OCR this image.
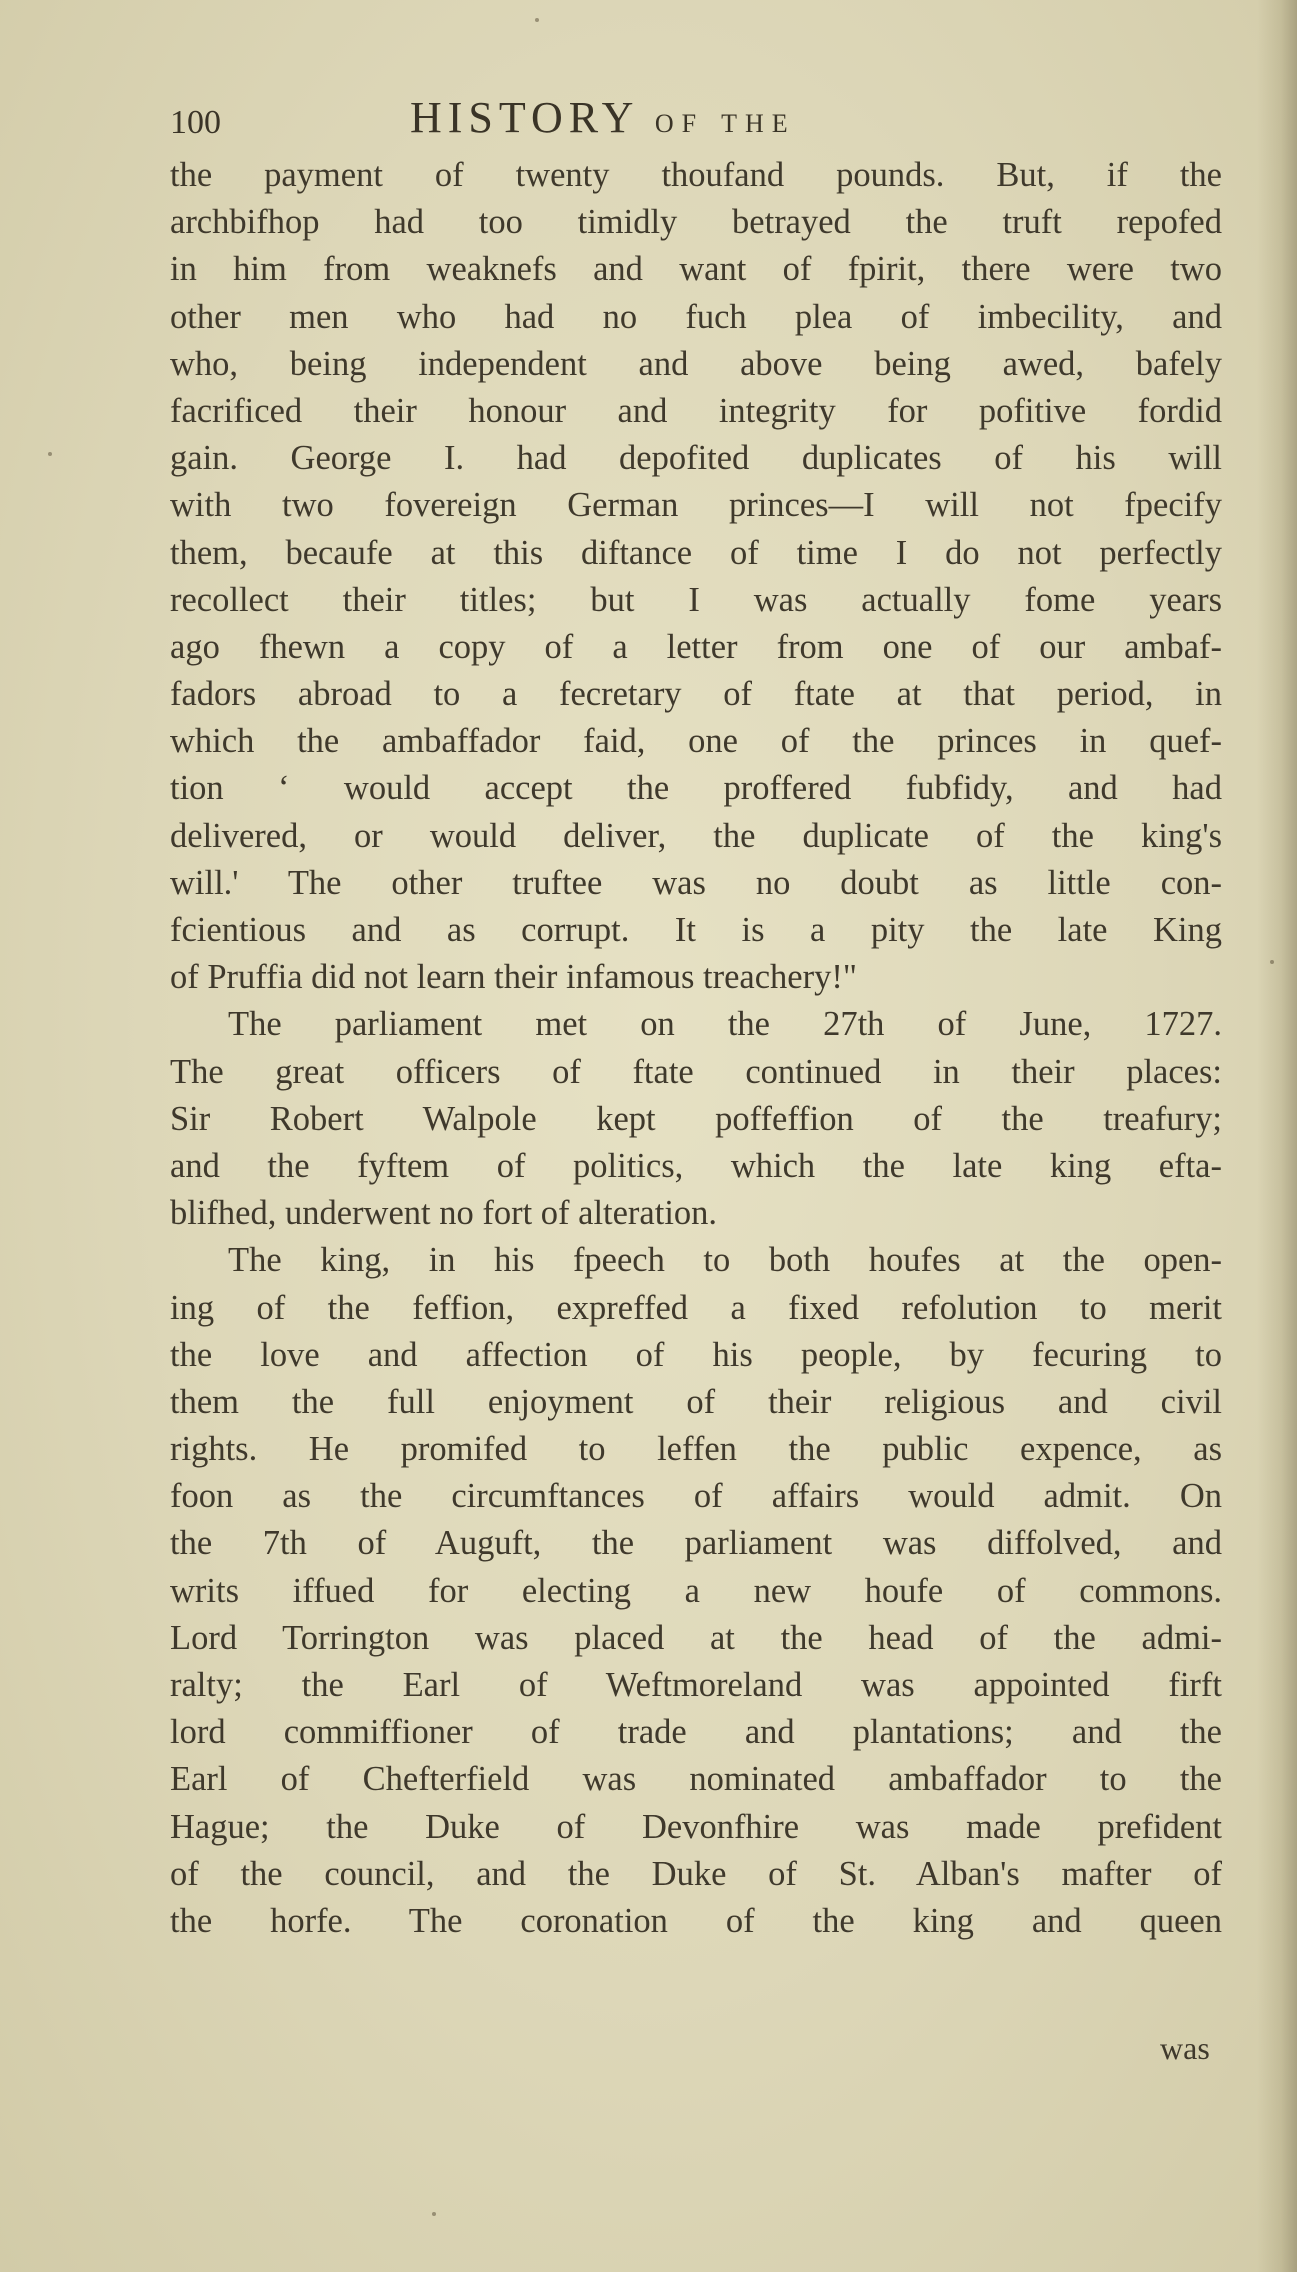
100	HISTORY OF THE
the payment of twenty thoufand pounds. But, if the
archbifhop had too timidly betrayed the truft repofed
in him from weaknefs and want of fpirit, there were two
other men who had no fuch plea of imbecility, and
who, being independent and above being awed, bafely
facrificed their honour and integrity for pofitive fordid
gain. George I. had depofited duplicates of his will
with two fovereign German princes—I will not fpecify
them, becaufe at this diftance of time I do not perfectly
recollect their titles; but I was actually fome years
ago fhewn a copy of a letter from one of our ambaf-
fadors abroad to a fecretary of ftate at that period, in
which the ambaffador faid, one of the princes in quef-
tion ‘ would accept the proffered fubfidy, and had
delivered, or would deliver, the duplicate of the king's
will.' The other truftee was no doubt as little con-
fcientious and as corrupt. It is a pity the late King
of Pruffia did not learn their infamous treachery!"
The parliament met on the 27th of June, 1727.
The great officers of ftate continued in their places:
Sir Robert Walpole kept poffeffion of the treafury;
and the fyftem of politics, which the late king efta-
blifhed, underwent no fort of alteration.
The king, in his fpeech to both houfes at the open-
ing of the feffion, expreffed a fixed refolution to merit
the love and affection of his people, by fecuring to
them the full enjoyment of their religious and civil
rights. He promifed to leffen the public expence, as
foon as the circumftances of affairs would admit. On
the 7th of Auguft, the parliament was diffolved, and
writs iffued for electing a new houfe of commons.
Lord Torrington was placed at the head of the admi-
ralty; the Earl of Weftmoreland was appointed firft
lord commiffioner of trade and plantations; and the
Earl of Chefterfield was nominated ambaffador to the
Hague; the Duke of Devonfhire was made prefident
of the council, and the Duke of St. Alban's mafter of
the horfe. The coronation of the king and queen
was
